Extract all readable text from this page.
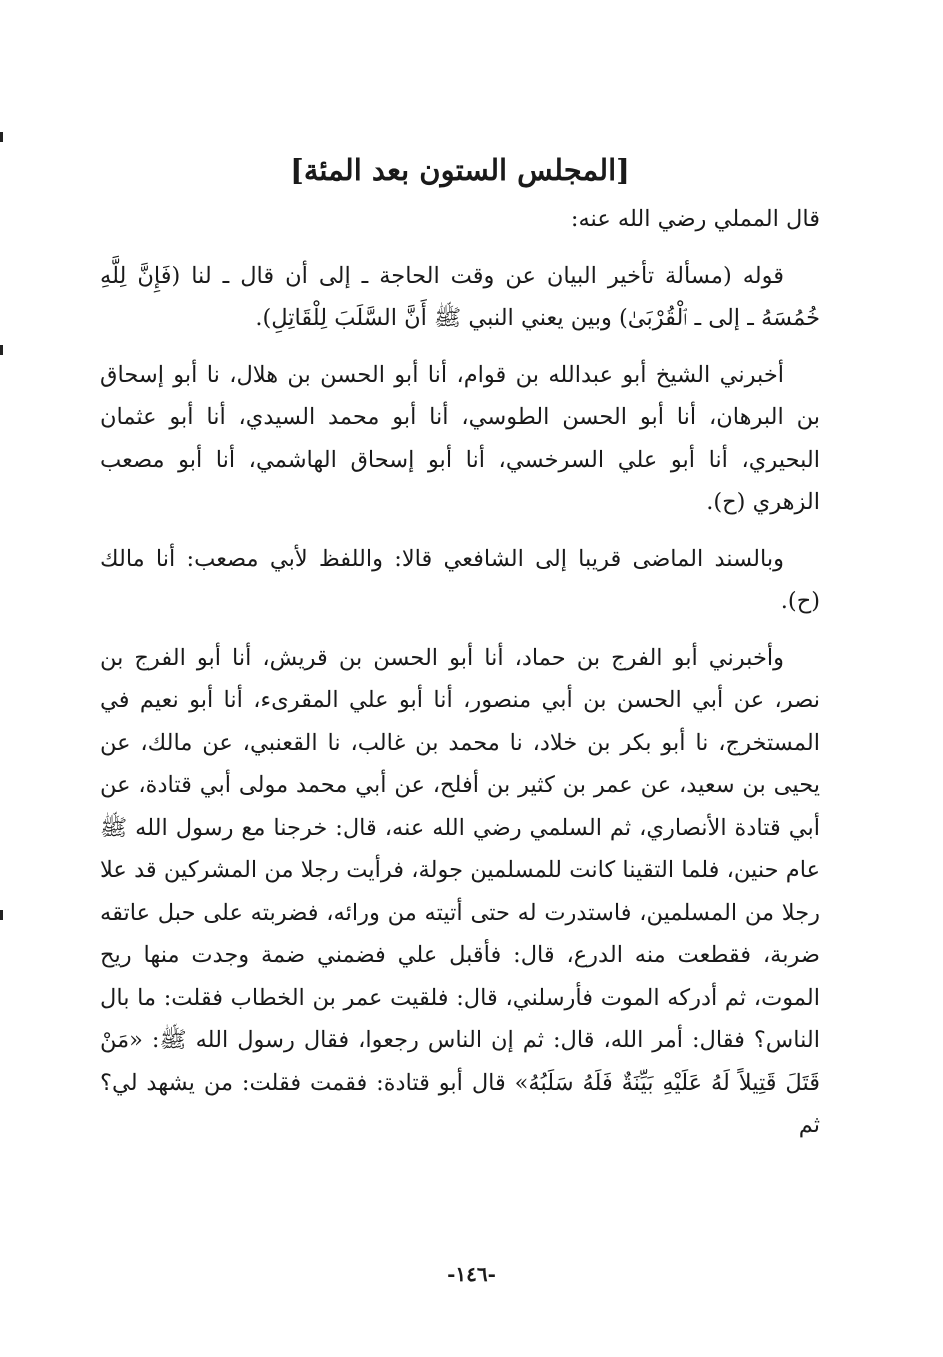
[المجلس الستون بعد المئة]

قال المملي رضي الله عنه:

قوله (مسألة تأخير البيان عن وقت الحاجة ـ إلى أن قال ـ لنا (فَإِنَّ لِلَّهِ خُمُسَهُ ـ إلى ـ ٱلْقُرْبَىٰ) وبين يعني النبي ﷺ أَنَّ السَّلَبَ لِلْقَاتِلِ).

أخبرني الشيخ أبو عبدالله بن قوام، أنا أبو الحسن بن هلال، نا أبو إسحاق بن البرهان، أنا أبو الحسن الطوسي، أنا أبو محمد السيدي، أنا أبو عثمان البحيري، أنا أبو علي السرخسي، أنا أبو إسحاق الهاشمي، أنا أبو مصعب الزهري (ح).

وبالسند الماضى قريبا إلى الشافعي قالا: واللفظ لأبي مصعب: أنا مالك (ح).

وأخبرني أبو الفرج بن حماد، أنا أبو الحسن بن قريش، أنا أبو الفرج بن نصر، عن أبي الحسن بن أبي منصور، أنا أبو علي المقرىء، أنا أبو نعيم في المستخرج، نا أبو بكر بن خلاد، نا محمد بن غالب، نا القعنبي، عن مالك، عن يحيى بن سعيد، عن عمر بن كثير بن أفلح، عن أبي محمد مولى أبي قتادة، عن أبي قتادة الأنصاري، ثم السلمي رضي الله عنه، قال: خرجنا مع رسول الله ﷺ عام حنين، فلما التقينا كانت للمسلمين جولة، فرأيت رجلا من المشركين قد علا رجلا من المسلمين، فاستدرت له حتى أتيته من ورائه، فضربته على حبل عاتقه ضربة، فقطعت منه الدرع، قال: فأقبل علي فضمني ضمة وجدت منها ريح الموت، ثم أدركه الموت فأرسلني، قال: فلقيت عمر بن الخطاب فقلت: ما بال الناس؟ فقال: أمر الله، قال: ثم إن الناس رجعوا، فقال رسول الله ﷺ: «مَنْ قَتَلَ قَتِيلاً لَهُ عَلَيْهِ بَيِّنَةٌ فَلَهُ سَلَبُهُ» قال أبو قتادة: فقمت فقلت: من يشهد لي؟ ثم

-١٤٦-
